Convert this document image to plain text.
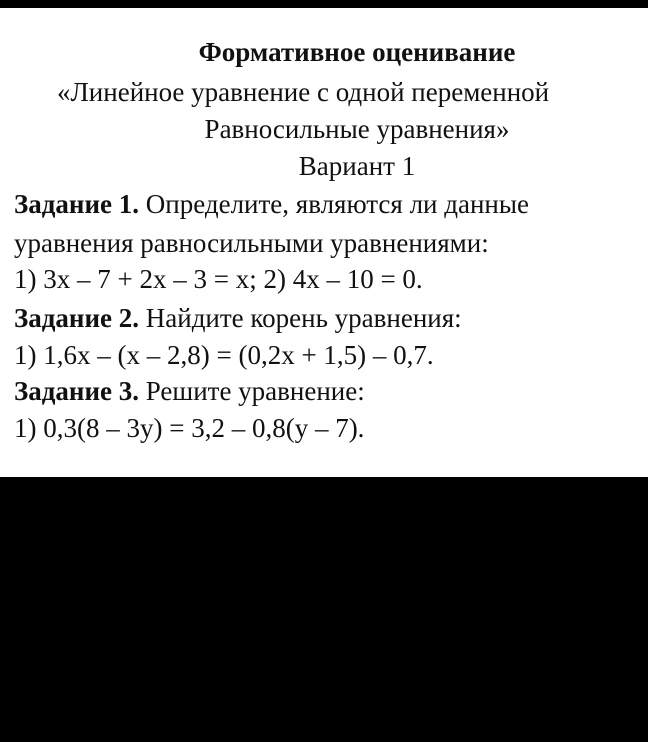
Формативное оценивание
«Линейное уравнение с одной переменной
Равносильные уравнения»
Вариант 1
Задание 1. Определите, являются ли данные
уравнения равносильными уравнениями:
1) 3x – 7 + 2x – 3 = x; 2) 4x – 10 = 0.
Задание 2. Найдите корень уравнения:
1) 1,6x – (x – 2,8) = (0,2x + 1,5) – 0,7.
Задание 3. Решите уравнение:
1) 0,3(8 – 3y) = 3,2 – 0,8(y – 7).
